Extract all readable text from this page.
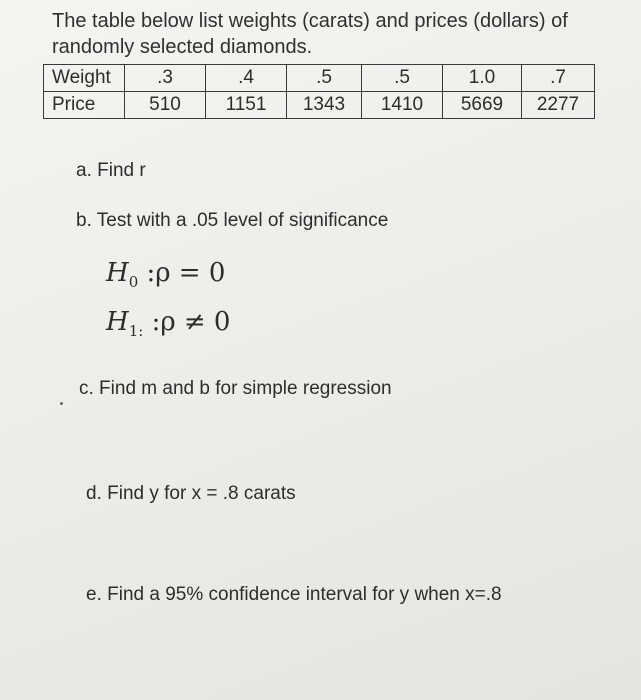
The table below list weights (carats) and prices (dollars) of
randomly selected diamonds.
Weight	.3	.4	.5	.5	1.0	.7
Price	510	1151	1343	1410	5669	2277
a. Find r
b. Test with a .05 level of significance
$H_0$ :ρ = 0
$H_{1:}$ :ρ ≠ 0
c. Find m and b for simple regression
d. Find y for x = .8 carats
e. Find a 95% confidence interval for y when x=.8
